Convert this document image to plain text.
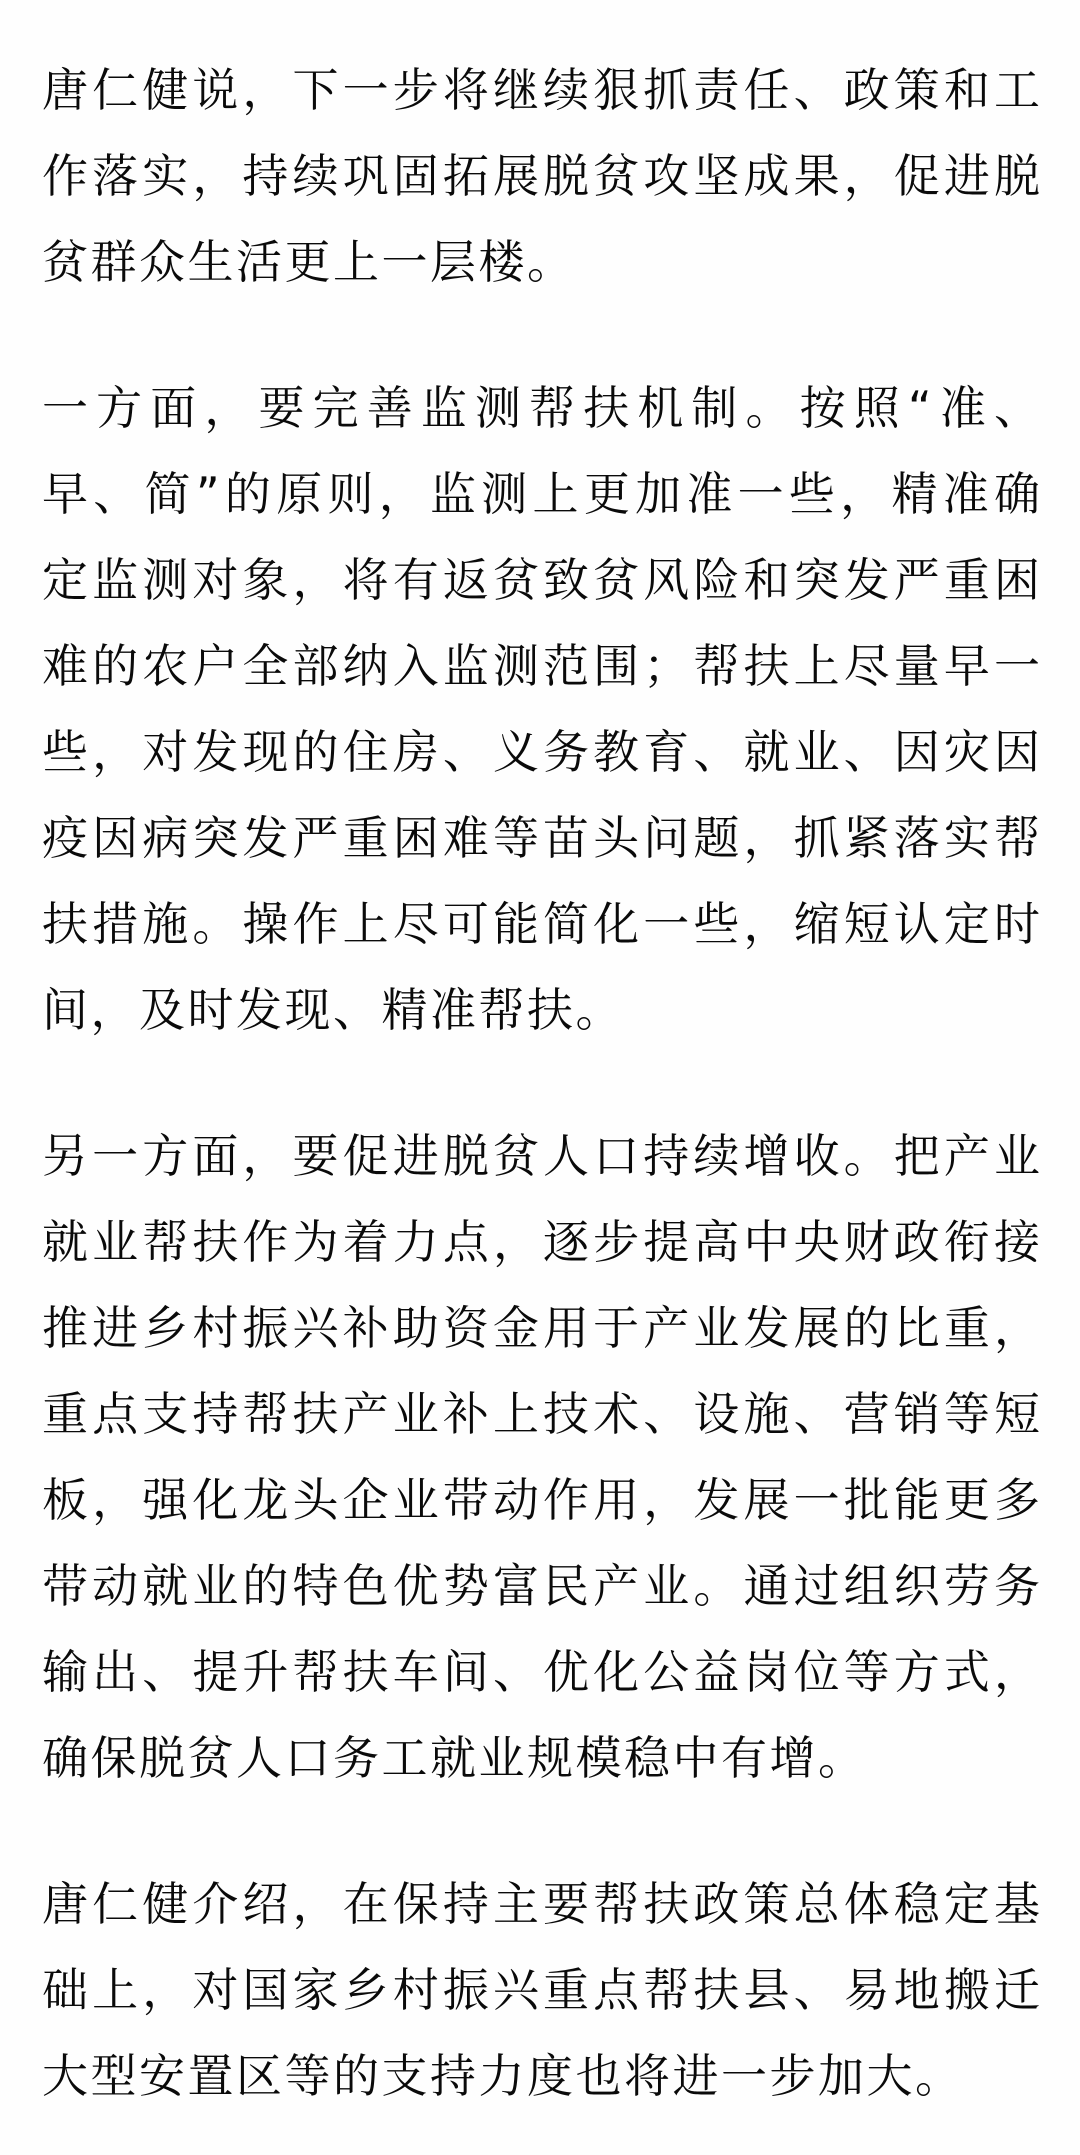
唐仁健说，下一步将继续狠抓责任、政策和工
作落实，持续巩固拓展脱贫攻坚成果，促进脱
贫群众生活更上一层楼。

一方面，要完善监测帮扶机制。按照“准、
早、简”的原则，监测上更加准一些，精准确
定监测对象，将有返贫致贫风险和突发严重困
难的农户全部纳入监测范围；帮扶上尽量早一
些，对发现的住房、义务教育、就业、因灾因
疫因病突发严重困难等苗头问题，抓紧落实帮
扶措施。操作上尽可能简化一些，缩短认定时
间，及时发现、精准帮扶。

另一方面，要促进脱贫人口持续增收。把产业
就业帮扶作为着力点，逐步提高中央财政衔接
推进乡村振兴补助资金用于产业发展的比重，
重点支持帮扶产业补上技术、设施、营销等短
板，强化龙头企业带动作用，发展一批能更多
带动就业的特色优势富民产业。通过组织劳务
输出、提升帮扶车间、优化公益岗位等方式，
确保脱贫人口务工就业规模稳中有增。

唐仁健介绍，在保持主要帮扶政策总体稳定基
础上，对国家乡村振兴重点帮扶县、易地搬迁
大型安置区等的支持力度也将进一步加大。
